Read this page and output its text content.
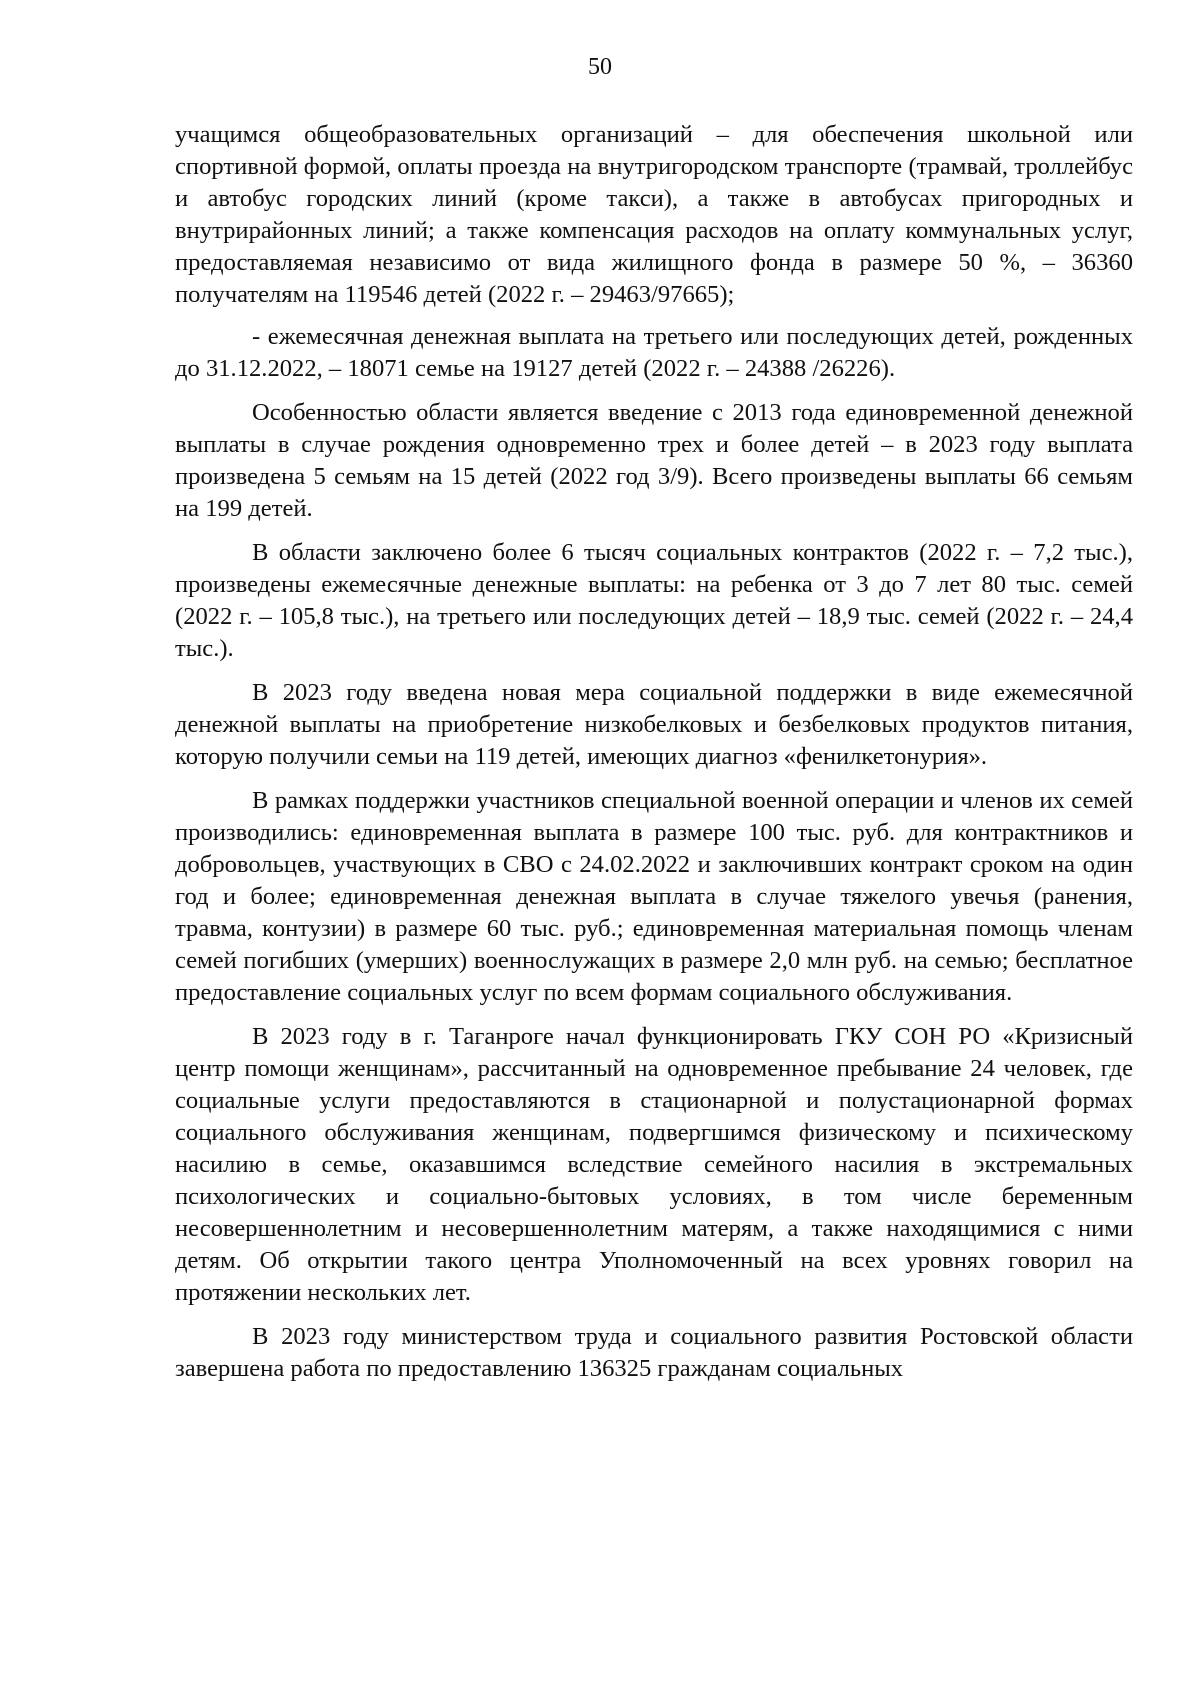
50

учащимся общеобразовательных организаций – для обеспечения школьной или спортивной формой, оплаты проезда на внутригородском транспорте (трамвай, троллейбус и автобус городских линий (кроме такси), а также в автобусах пригородных и внутрирайонных линий; а также компенсация расходов на оплату коммунальных услуг, предоставляемая независимо от вида жилищного фонда в размере 50 %, – 36360 получателям на 119546 детей (2022 г. – 29463/97665);

- ежемесячная денежная выплата на третьего или последующих детей, рожденных до 31.12.2022, – 18071 семье на 19127 детей (2022 г. – 24388 /26226).

Особенностью области является введение с 2013 года единовременной денежной выплаты в случае рождения одновременно трех и более детей – в 2023 году выплата произведена 5 семьям на 15 детей (2022 год 3/9). Всего произведены выплаты 66 семьям на 199 детей.

В области заключено более 6 тысяч социальных контрактов (2022 г. – 7,2 тыс.), произведены ежемесячные денежные выплаты: на ребенка от 3 до 7 лет 80 тыс. семей (2022 г. – 105,8 тыс.), на третьего или последующих детей – 18,9 тыс. семей (2022 г. – 24,4 тыс.).

В 2023 году введена новая мера социальной поддержки в виде ежемесячной денежной выплаты на приобретение низкобелковых и безбелковых продуктов питания, которую получили семьи на 119 детей, имеющих диагноз «фенилкетонурия».

В рамках поддержки участников специальной военной операции и членов их семей производились: единовременная выплата в размере 100 тыс. руб. для контрактников и добровольцев, участвующих в СВО с 24.02.2022 и заключивших контракт сроком на один год и более; единовременная денежная выплата в случае тяжелого увечья (ранения, травма, контузии) в размере 60 тыс. руб.; единовременная материальная помощь членам семей погибших (умерших) военнослужащих в размере 2,0 млн руб. на семью; бесплатное предоставление социальных услуг по всем формам социального обслуживания.

В 2023 году в г. Таганроге начал функционировать ГКУ СОН РО «Кризисный центр помощи женщинам», рассчитанный на одновременное пребывание 24 человек, где социальные услуги предоставляются в стационарной и полустационарной формах социального обслуживания женщинам, подвергшимся физическому и психическому насилию в семье, оказавшимся вследствие семейного насилия в экстремальных психологических и социально-бытовых условиях, в том числе беременным несовершеннолетним и несовершеннолетним матерям, а также находящимися с ними детям. Об открытии такого центра Уполномоченный на всех уровнях говорил на протяжении нескольких лет.

В 2023 году министерством труда и социального развития Ростовской области завершена работа по предоставлению 136325 гражданам социальных
